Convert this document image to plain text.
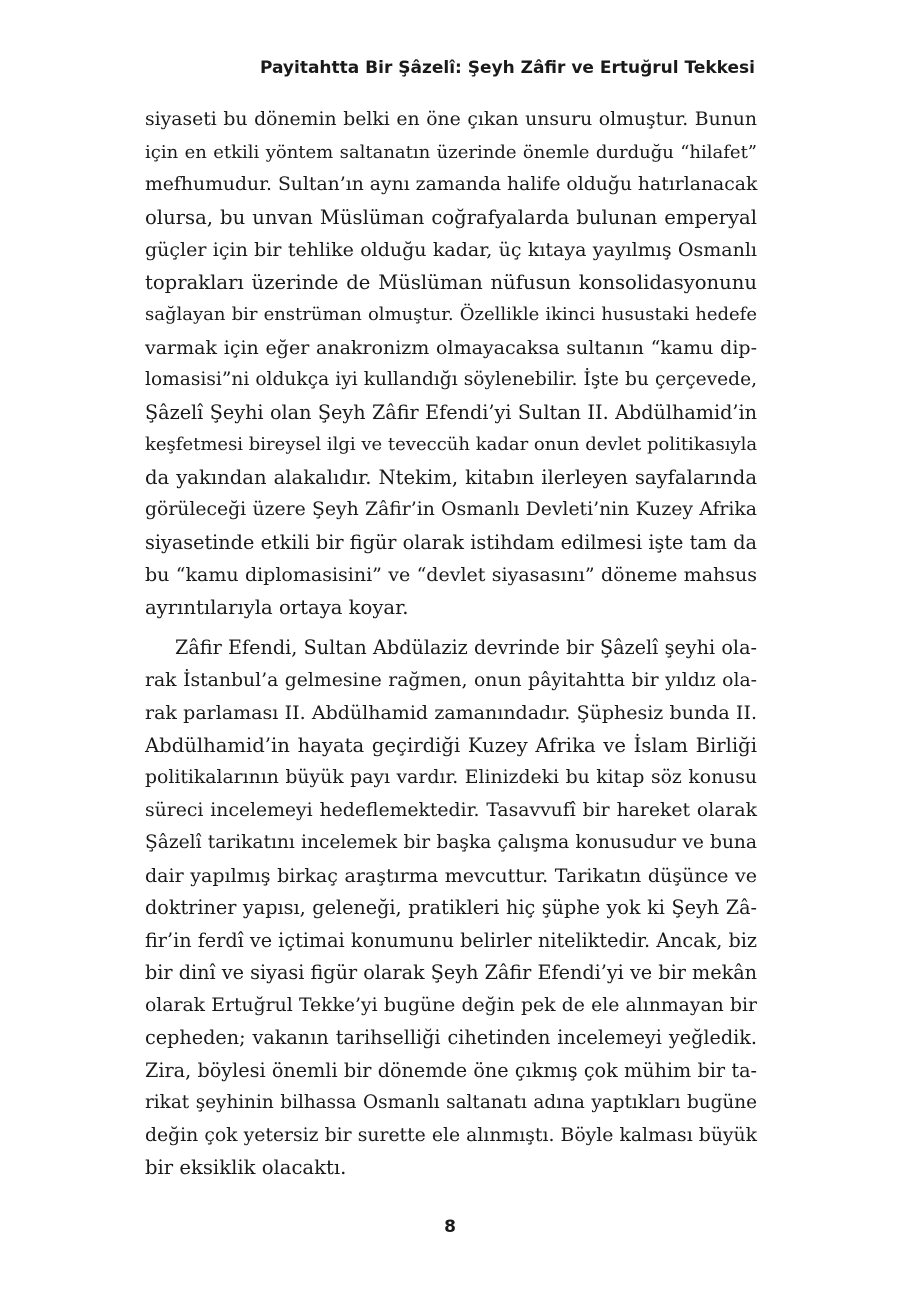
Payitahtta Bir Şâzelî: Şeyh Zâfir ve Ertuğrul Tekkesi

siyaseti bu dönemin belki en öne çıkan unsuru olmuştur. Bunun
için en etkili yöntem saltanatın üzerinde önemle durduğu “hilafet”
mefhumudur. Sultan’ın aynı zamanda halife olduğu hatırlanacak
olursa, bu unvan Müslüman coğrafyalarda bulunan emperyal
güçler için bir tehlike olduğu kadar, üç kıtaya yayılmış Osmanlı
toprakları üzerinde de Müslüman nüfusun konsolidasyonunu
sağlayan bir enstrüman olmuştur. Özellikle ikinci husustaki hedefe
varmak için eğer anakronizm olmayacaksa sultanın “kamu dip-
lomasisi”ni oldukça iyi kullandığı söylenebilir. İşte bu çerçevede,
Şâzelî Şeyhi olan Şeyh Zâfir Efendi’yi Sultan II. Abdülhamid’in
keşfetmesi bireysel ilgi ve teveccüh kadar onun devlet politikasıyla
da yakından alakalıdır. Ntekim, kitabın ilerleyen sayfalarında
görüleceği üzere Şeyh Zâfir’in Osmanlı Devleti’nin Kuzey Afrika
siyasetinde etkili bir figür olarak istihdam edilmesi işte tam da
bu “kamu diplomasisini” ve “devlet siyasasını” döneme mahsus
ayrıntılarıyla ortaya koyar.

Zâfir Efendi, Sultan Abdülaziz devrinde bir Şâzelî şeyhi ola-
rak İstanbul’a gelmesine rağmen, onun pâyitahtta bir yıldız ola-
rak parlaması II. Abdülhamid zamanındadır. Şüphesiz bunda II.
Abdülhamid’in hayata geçirdiği Kuzey Afrika ve İslam Birliği
politikalarının büyük payı vardır. Elinizdeki bu kitap söz konusu
süreci incelemeyi hedeflemektedir. Tasavvufî bir hareket olarak
Şâzelî tarikatını incelemek bir başka çalışma konusudur ve buna
dair yapılmış birkaç araştırma mevcuttur. Tarikatın düşünce ve
doktriner yapısı, geleneği, pratikleri hiç şüphe yok ki Şeyh Zâ-
fir’in ferdî ve içtimai konumunu belirler niteliktedir. Ancak, biz
bir dinî ve siyasi figür olarak Şeyh Zâfir Efendi’yi ve bir mekân
olarak Ertuğrul Tekke’yi bugüne değin pek de ele alınmayan bir
cepheden; vakanın tarihselliği cihetinden incelemeyi yeğledik.
Zira, böylesi önemli bir dönemde öne çıkmış çok mühim bir ta-
rikat şeyhinin bilhassa Osmanlı saltanatı adına yaptıkları bugüne
değin çok yetersiz bir surette ele alınmıştı. Böyle kalması büyük
bir eksiklik olacaktı.

8
